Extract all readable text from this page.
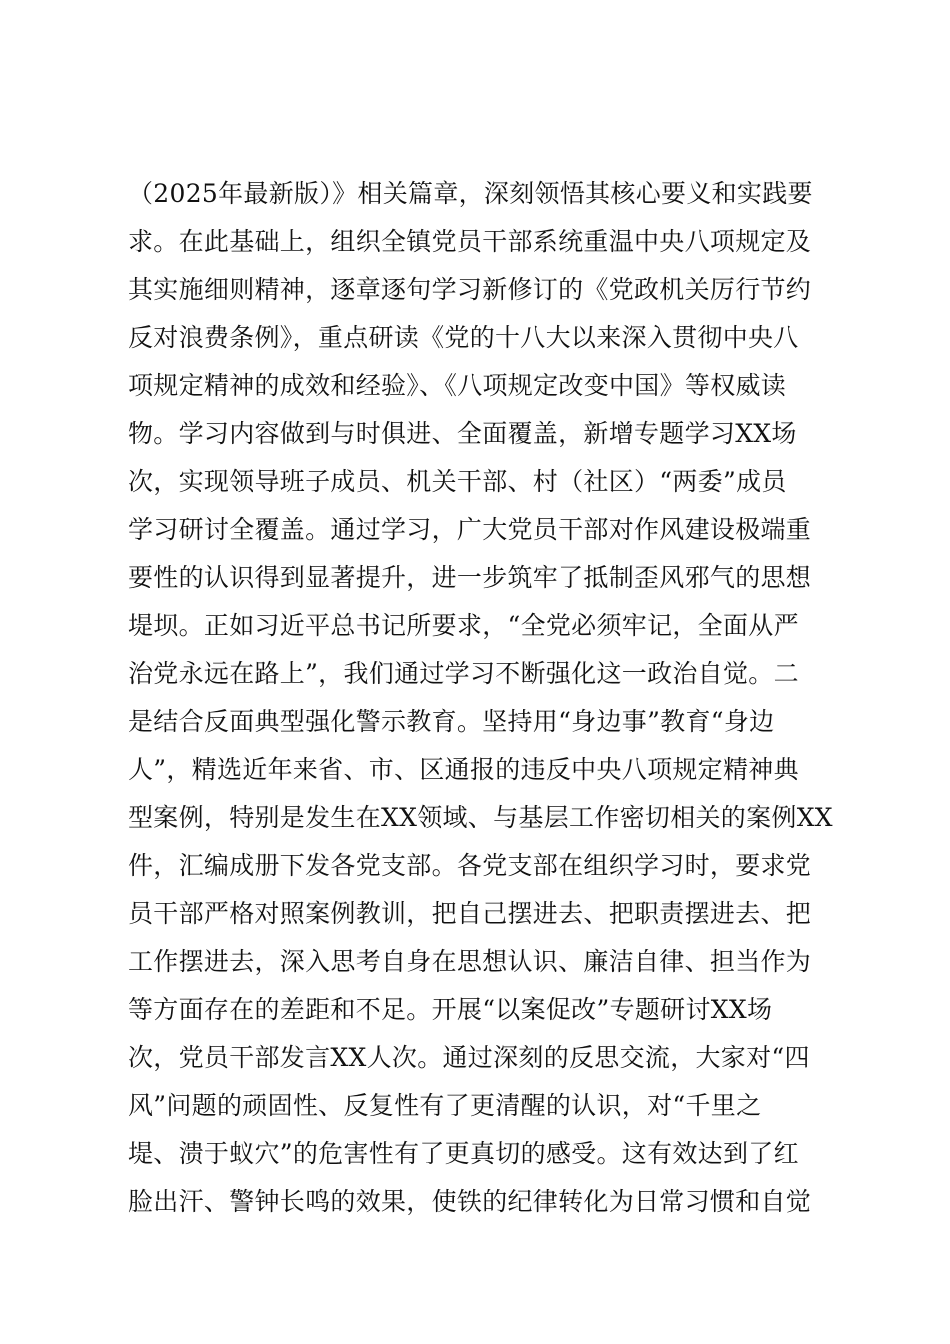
（2025年最新版）》相关篇章，深刻领悟其核心要义和实践要
求。在此基础上，组织全镇党员干部系统重温中央八项规定及
其实施细则精神，逐章逐句学习新修订的《党政机关厉行节约
反对浪费条例》，重点研读《党的十八大以来深入贯彻中央八
项规定精神的成效和经验》、《八项规定改变中国》等权威读
物。学习内容做到与时俱进、全面覆盖，新增专题学习XX场
次，实现领导班子成员、机关干部、村（社区）“两委”成员
学习研讨全覆盖。通过学习，广大党员干部对作风建设极端重
要性的认识得到显著提升，进一步筑牢了抵制歪风邪气的思想
堤坝。正如习近平总书记所要求，“全党必须牢记，全面从严
治党永远在路上”，我们通过学习不断强化这一政治自觉。二
是结合反面典型强化警示教育。坚持用“身边事”教育“身边
人”，精选近年来省、市、区通报的违反中央八项规定精神典
型案例，特别是发生在XX领域、与基层工作密切相关的案例XX
件，汇编成册下发各党支部。各党支部在组织学习时，要求党
员干部严格对照案例教训，把自己摆进去、把职责摆进去、把
工作摆进去，深入思考自身在思想认识、廉洁自律、担当作为
等方面存在的差距和不足。开展“以案促改”专题研讨XX场
次，党员干部发言XX人次。通过深刻的反思交流，大家对“四
风”问题的顽固性、反复性有了更清醒的认识，对“千里之
堤、溃于蚁穴”的危害性有了更真切的感受。这有效达到了红
脸出汗、警钟长鸣的效果，使铁的纪律转化为日常习惯和自觉
